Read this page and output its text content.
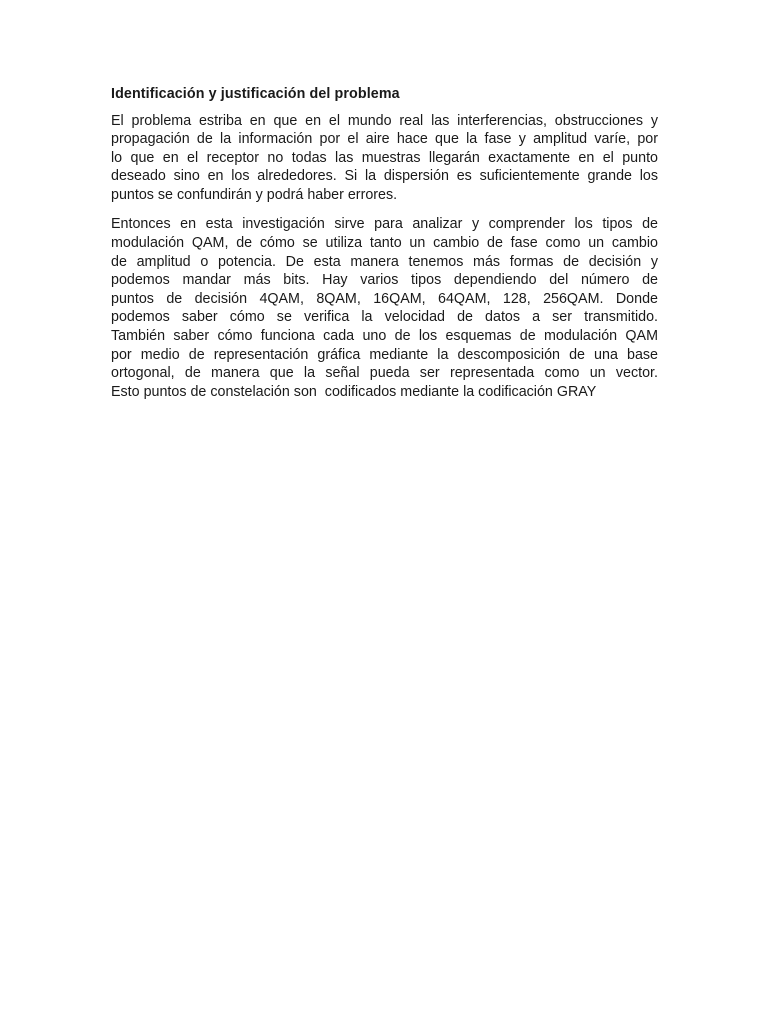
Identificación y justificación del problema
El problema estriba en que en el mundo real las interferencias, obstrucciones y
propagación de la información por el aire hace que la fase y amplitud varíe, por
lo que en el receptor no todas las muestras llegarán exactamente en el punto
deseado sino en los alrededores. Si la dispersión es suficientemente grande los
puntos se confundirán y podrá haber errores.
Entonces en esta investigación sirve para analizar y comprender los tipos de
modulación QAM, de cómo se utiliza tanto un cambio de fase como un cambio
de amplitud o potencia. De esta manera tenemos más formas de decisión y
podemos mandar más bits. Hay varios tipos dependiendo del número de
puntos de decisión 4QAM, 8QAM, 16QAM, 64QAM, 128, 256QAM. Donde
podemos saber cómo se verifica la velocidad de datos a ser transmitido.
También saber cómo funciona cada uno de los esquemas de modulación QAM
por medio de representación gráfica mediante la descomposición de una base
ortogonal, de manera que la señal pueda ser representada como un vector.
Esto puntos de constelación son  codificados mediante la codificación GRAY
